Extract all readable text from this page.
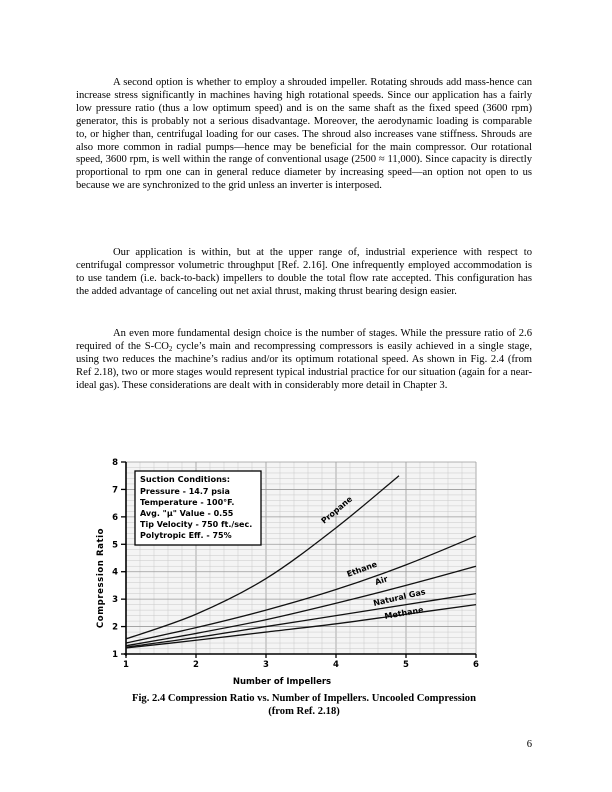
A second option is whether to employ a shrouded impeller. Rotating shrouds add mass-hence can increase stress significantly in machines having high rotational speeds. Since our application has a fairly low pressure ratio (thus a low optimum speed) and is on the same shaft as the fixed speed (3600 rpm) generator, this is probably not a serious disadvantage. Moreover, the aerodynamic loading is comparable to, or higher than, centrifugal loading for our cases. The shroud also increases vane stiffness. Shrouds are also more common in radial pumps—hence may be beneficial for the main compressor. Our rotational speed, 3600 rpm, is well within the range of conventional usage (2500 ≈ 11,000). Since capacity is directly proportional to rpm one can in general reduce diameter by increasing speed—an option not open to us because we are synchronized to the grid unless an inverter is interposed.

Our application is within, but at the upper range of, industrial experience with respect to centrifugal compressor volumetric throughput [Ref. 2.16]. One infrequently employed accommodation is to use tandem (i.e. back-to-back) impellers to double the total flow rate accepted. This configuration has the added advantage of canceling out net axial thrust, making thrust bearing design easier.

An even more fundamental design choice is the number of stages. While the pressure ratio of 2.6 required of the $S-CO_2$ cycle’s main and recompressing compressors is easily achieved in a single stage, using two reduces the machine’s radius and/or its optimum rotational speed. As shown in Fig. 2.4 (from Ref 2.18), two or more stages would represent typical industrial practice for our situation (again for a near-ideal gas). These considerations are dealt with in considerably more detail in Chapter 3.

Suction Conditions:
Pressure - 14.7 psia
Temperature - 100°F.
Avg. "μ" Value - 0.55
Tip Velocity - 750 ft./sec.
Polytropic Eff. - 75%
1	2	3	4	5	6
1
2
3
4
5
6
7
8
Number of Impellers
Compression Ratio
Propane
Ethane
Air
Natural Gas
Methane

Fig. 2.4 Compression Ratio vs. Number of Impellers. Uncooled Compression
(from Ref. 2.18)

6
